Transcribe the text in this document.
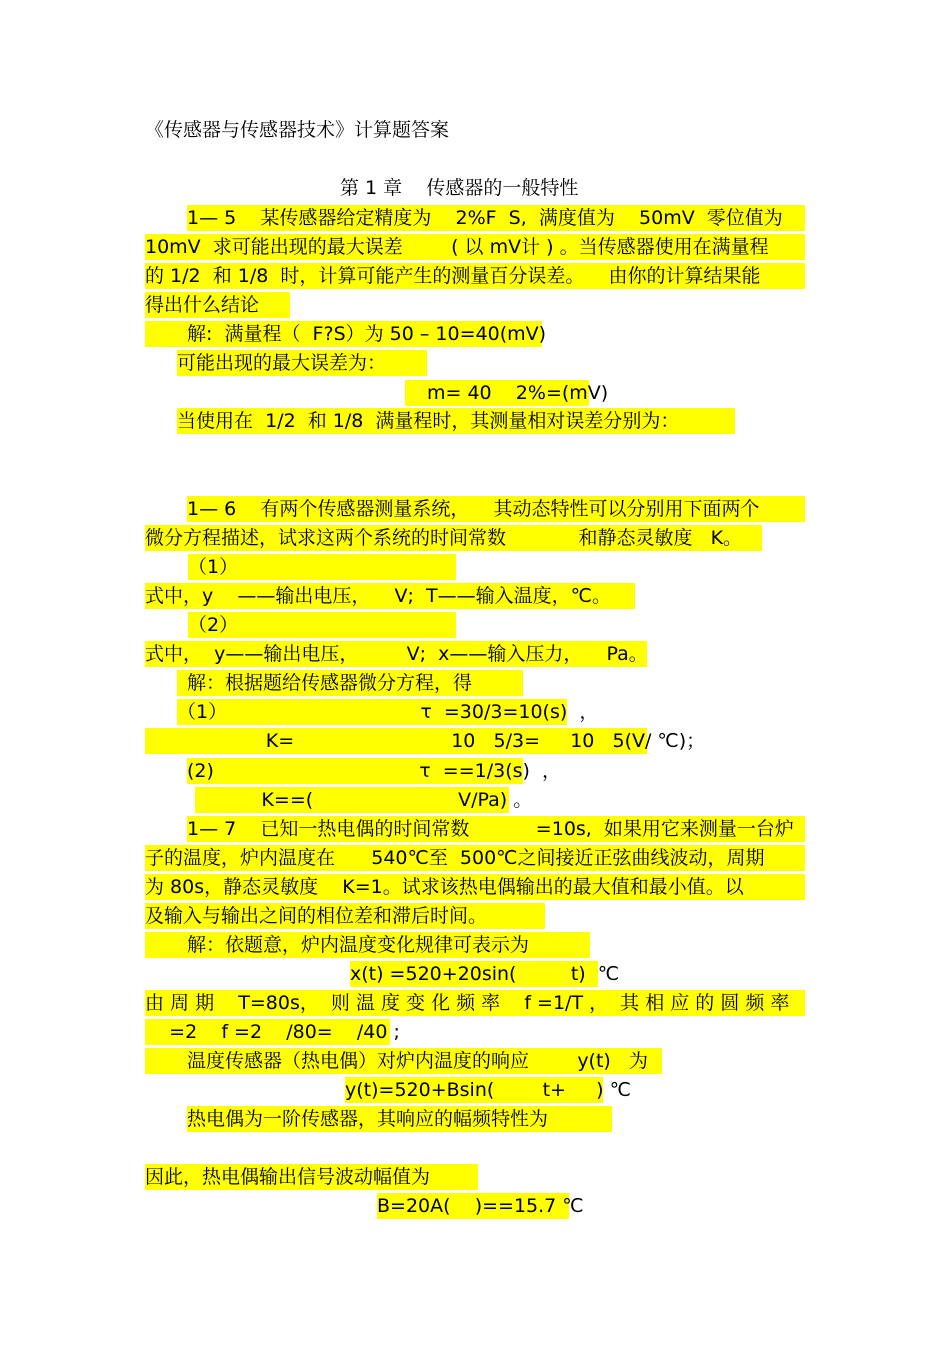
《传感器与传感器技术》计算题答案
第 1 章    传感器的一般特性
1— 5    某传感器给定精度为    2%F  S,  满度值为    50mV  零位值为
10mV  求可能出现的最大误差        ( 以 mV计 ) 。当传感器使用在满量程
的 1/2  和 1/8  时，计算可能产生的测量百分误差。    由你的计算结果能
得出什么结论
解:  满量程（  F?S）为 50 – 10=40(mV)
可能出现的最大误差为：
m= 40    2%=(mV)
当使用在  1/2  和 1/8  满量程时，其测量相对误差分别为：
1— 6    有两个传感器测量系统，    其动态特性可以分别用下面两个
微分方程描述，试求这两个系统的时间常数            和静态灵敏度   K。
（1）
式中，y    ——输出电压，    V;  T——输入温度，℃。
（2）
式中，  y——输出电压，        V;  x——输入压力，    Pa。
解：根据题给传感器微分方程，得
（1）                                τ  =30/3=10(s)  ，
K=                          10   5/3=     10   5(V/ ℃)；
(2)                                  τ  ==1/3(s)  ，
K==(                        V/Pa) 。
1— 7    已知一热电偶的时间常数           =10s,  如果用它来测量一台炉
子的温度，炉内温度在      540℃至  500℃之间接近正弦曲线波动，周期
为 80s，静态灵敏度    K=1。试求该热电偶输出的最大值和最小值。以
及输入与输出之间的相位差和滞后时间。
解：依题意，炉内温度变化规律可表示为
x(t) =520+20sin(         t)  ℃
由 周 期    T=80s，  则 温 度 变 化 频 率    f =1/T ，  其 相 应 的 圆 频 率
=2    f =2    /80=    /40 ;
温度传感器（热电偶）对炉内温度的响应        y(t)   为
y(t)=520+Bsin(        t+     ) ℃
热电偶为一阶传感器，其响应的幅频特性为
因此，热电偶输出信号波动幅值为
B=20A(    )==15.7 ℃
